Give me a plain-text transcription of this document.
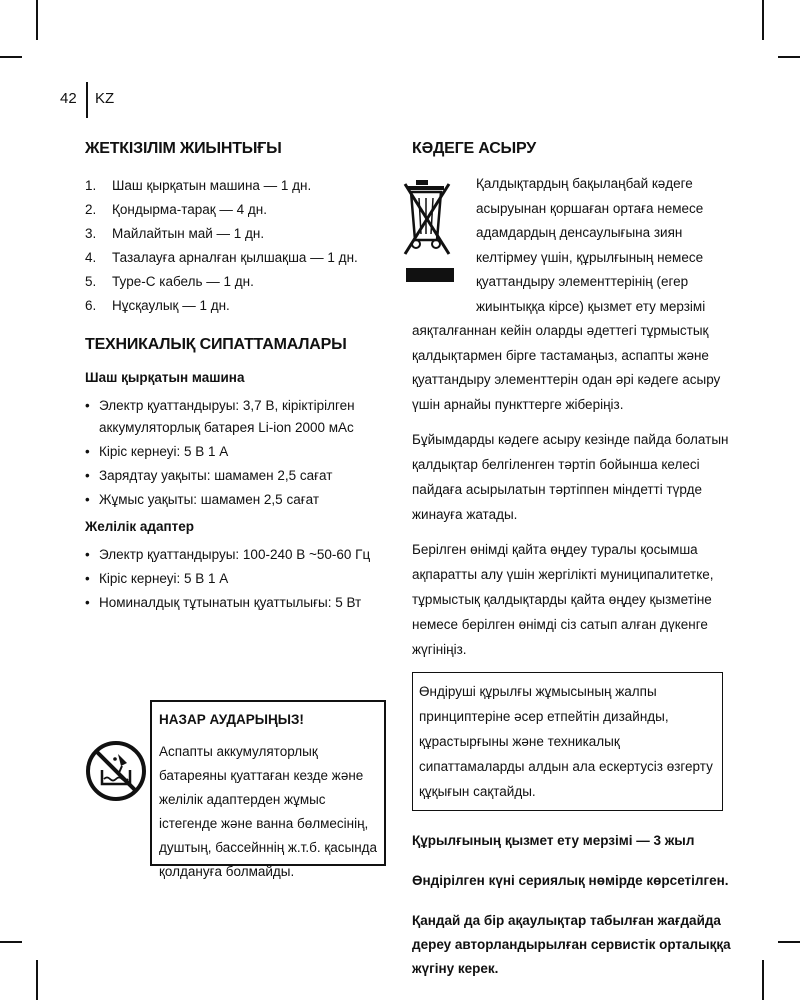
42 KZ
ЖЕТКІЗІЛІМ ЖИЫНТЫҒЫ
1.	Шаш қырқатын машина — 1 дн.
2.	Қондырма-тарақ — 4 дн.
3.	Майлайтын май — 1 дн.
4.	Тазалауға арналған қылшақша — 1 дн.
5.	Type-C кабель — 1 дн.
6.	Нұсқаулық — 1 дн.
ТЕХНИКАЛЫҚ СИПАТТАМАЛАРЫ
Шаш қырқатын машина
• Электр қуаттандыруы: 3,7 В, кіріктірілген аккумуляторлық батарея Li-ion 2000 мАс
• Кіріс кернеуі: 5 В 1 А
• Зарядтау уақыты: шамамен 2,5 сағат
• Жұмыс уақыты: шамамен 2,5 сағат
Желілік адаптер
• Электр қуаттандыруы: 100-240 В ~50-60 Гц
• Кіріс кернеуі: 5 В 1 А
• Номиналдық тұтынатын қуаттылығы: 5 Вт
НАЗАР АУДАРЫҢЫЗ!

Аспапты аккумуляторлық батареяны қуаттаған кезде және желілік адаптерден жұмыс істегенде және ванна бөлмесінің, душтың, бассейннің ж.т.б. қасында қолдануға болмайды.

КӘДЕГЕ АСЫРУ

Қалдықтардың бақылаңбай кәдеге асыруынан қоршаған ортаға немесе адамдардың денсаулығына зиян келтірмеу үшін, құрылғының немесе қуаттандыру элементтерінің (егер жиынтыққа кірсе) қызмет ету мерзімі аяқталғаннан кейін оларды әдеттегі тұрмыстық қалдықтармен бірге тастамаңыз, аспапты және қуаттандыру элементтерін одан әрі кәдеге асыру үшін арнайы пункттерге жіберіңіз.

Бұйымдарды кәдеге асыру кезінде пайда болатын қалдықтар белгіленген тәртіп бойынша келесі пайдаға асырылатын тәртіппен міндетті түрде жинауға жатады.

Берілген өнімді қайта өңдеу туралы қосымша ақпаратты алу үшін жергілікті муниципалитетке, тұрмыстық қалдықтарды қайта өңдеу қызметіне немесе берілген өнімді сіз сатып алған дүкенге жүгініңіз.

Өндіруші құрылғы жұмысының жалпы принциптеріне әсер етпейтін дизайнды, құрастырғыны және техникалық сипаттамаларды алдын ала ескертусіз өзгерту құқығын сақтайды.

Құрылғының қызмет ету мерзімі — 3 жыл

Өндірілген күні сериялық нөмірде көрсетілген.

Қандай да бір ақаулықтар табылған жағдайда дереу авторландырылған сервистік орталыққа жүгіну керек.
